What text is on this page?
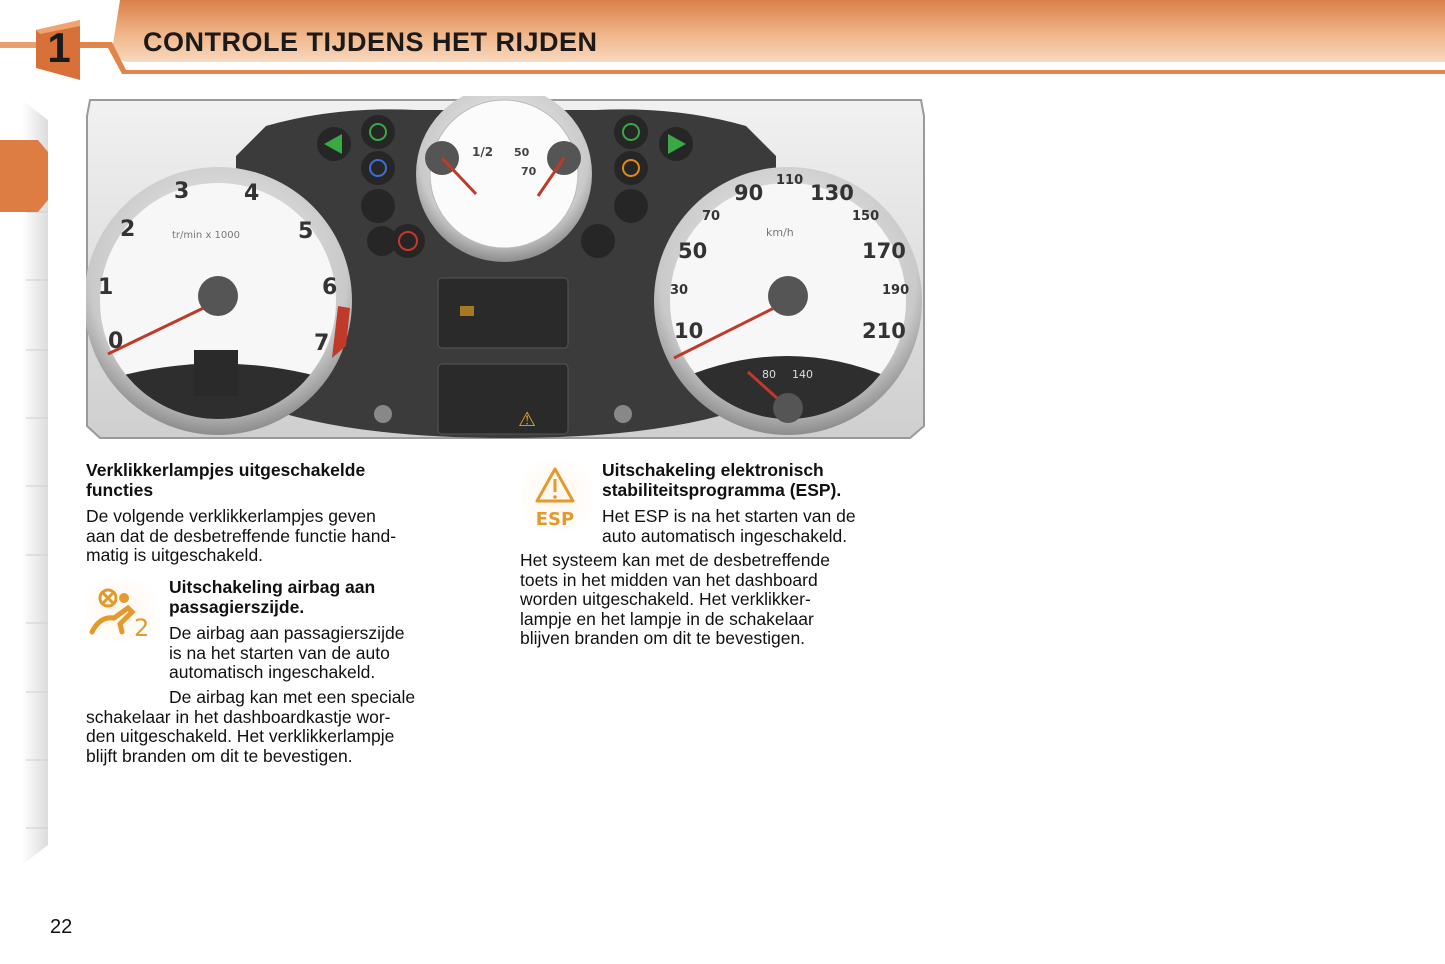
1	CONTROLE TIJDENS HET RIJDEN
⚠
1/2 50
70
0
1
2
3 4
5
6
7
tr/min x 1000
10
30
50
70
90
110
130
150
170
190
210
km/h
80 140
Verklikkerlampjes uitgeschakelde
functies
De volgende verklikkerlampjes geven
aan dat de desbetreffende functie hand-
matig is uitgeschakeld.
2
Uitschakeling airbag aan
passagierszijde.
De airbag aan passagierszijde
is na het starten van de auto
automatisch ingeschakeld.
De airbag kan met een speciale
schakelaar in het dashboardkastje wor-
den uitgeschakeld. Het verklikkerlampje
blijft branden om dit te bevestigen.
ESP
Uitschakeling elektronisch
stabiliteitsprogramma (ESP).
Het ESP is na het starten van de
auto automatisch ingeschakeld.
Het systeem kan met de desbetreffende
toets in het midden van het dashboard
worden uitgeschakeld. Het verklikker-
lampje en het lampje in de schakelaar
blijven branden om dit te bevestigen.
22
